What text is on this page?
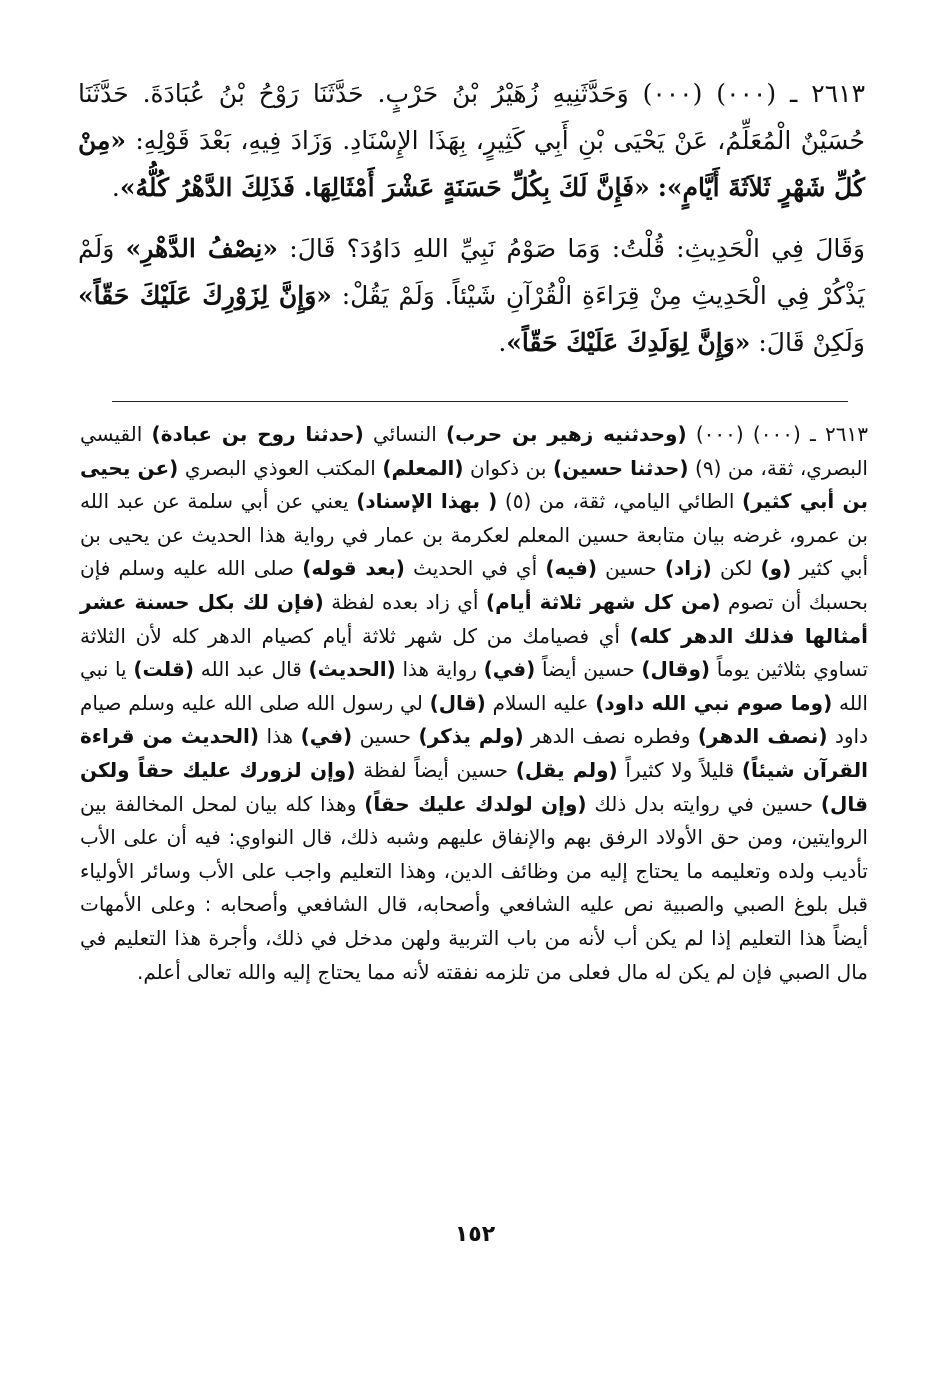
٢٦١٣ ـ (٠٠٠) (٠٠٠) وَحَدَّثَنِيهِ زُهَيْرُ بْنُ حَرْبٍ. حَدَّثَنَا رَوْحُ بْنُ عُبَادَةَ. حَدَّثَنَا حُسَيْنٌ الْمُعَلِّمُ، عَنْ يَحْيَى بْنِ أَبِي كَثِيرٍ، بِهَذَا الإِسْنَادِ. وَزَادَ فِيهِ، بَعْدَ قَوْلِهِ: «مِنْ كُلِّ شَهْرٍ ثَلاَثَةَ أَيَّامٍ»: «فَإِنَّ لَكَ بِكُلِّ حَسَنَةٍ عَشْرَ أَمْثَالِهَا. فَذَلِكَ الدَّهْرُ كُلُّهُ».

وَقَالَ فِي الْحَدِيثِ: قُلْتُ: وَمَا صَوْمُ نَبِيِّ اللهِ دَاوُدَ؟ قَالَ: «نِصْفُ الدَّهْرِ» وَلَمْ يَذْكُرْ فِي الْحَدِيثِ مِنْ قِرَاءَةِ الْقُرْآنِ شَيْئاً. وَلَمْ يَقُلْ: «وَإِنَّ لِزَوْرِكَ عَلَيْكَ حَقّاً» وَلَكِنْ قَالَ: «وَإِنَّ لِوَلَدِكَ عَلَيْكَ حَقّاً».

٢٦١٣ ـ (٠٠٠) (٠٠٠) (وحدثنيه زهير بن حرب) النسائي (حدثنا روح بن عبادة) القيسي البصري، ثقة، من (٩) (حدثنا حسين) بن ذكوان (المعلم) المكتب العوذي البصري (عن يحيى بن أبي كثير) الطائي اليامي، ثقة، من (٥) ( بهذا الإسناد) يعني عن أبي سلمة عن عبد الله بن عمرو، غرضه بيان متابعة حسين المعلم لعكرمة بن عمار في رواية هذا الحديث عن يحيى بن أبي كثير (و) لكن (زاد) حسين (فيه) أي في الحديث (بعد قوله) صلى الله عليه وسلم فإن بحسبك أن تصوم (من كل شهر ثلاثة أيام) أي زاد بعده لفظة (فإن لك بكل حسنة عشر أمثالها فذلك الدهر كله) أي فصيامك من كل شهر ثلاثة أيام كصيام الدهر كله لأن الثلاثة تساوي بثلاثين يوماً (وقال) حسين أيضاً (في) رواية هذا (الحديث) قال عبد الله (قلت) يا نبي الله (وما صوم نبي الله داود) عليه السلام (قال) لي رسول الله صلى الله عليه وسلم صيام داود (نصف الدهر) وفطره نصف الدهر (ولم يذكر) حسين (في) هذا (الحديث من قراءة القرآن شيئاً) قليلاً ولا كثيراً (ولم يقل) حسين أيضاً لفظة (وإن لزورك عليك حقاً ولكن قال) حسين في روايته بدل ذلك (وإن لولدك عليك حقاً) وهذا كله بيان لمحل المخالفة بين الروايتين، ومن حق الأولاد الرفق بهم والإنفاق عليهم وشبه ذلك، قال النواوي: فيه أن على الأب تأديب ولده وتعليمه ما يحتاج إليه من وظائف الدين، وهذا التعليم واجب على الأب وسائر الأولياء قبل بلوغ الصبي والصبية نص عليه الشافعي وأصحابه، قال الشافعي وأصحابه : وعلى الأمهات أيضاً هذا التعليم إذا لم يكن أب لأنه من باب التربية ولهن مدخل في ذلك، وأجرة هذا التعليم في مال الصبي فإن لم يكن له مال فعلى من تلزمه نفقته لأنه مما يحتاج إليه والله تعالى أعلم.

١٥٢
